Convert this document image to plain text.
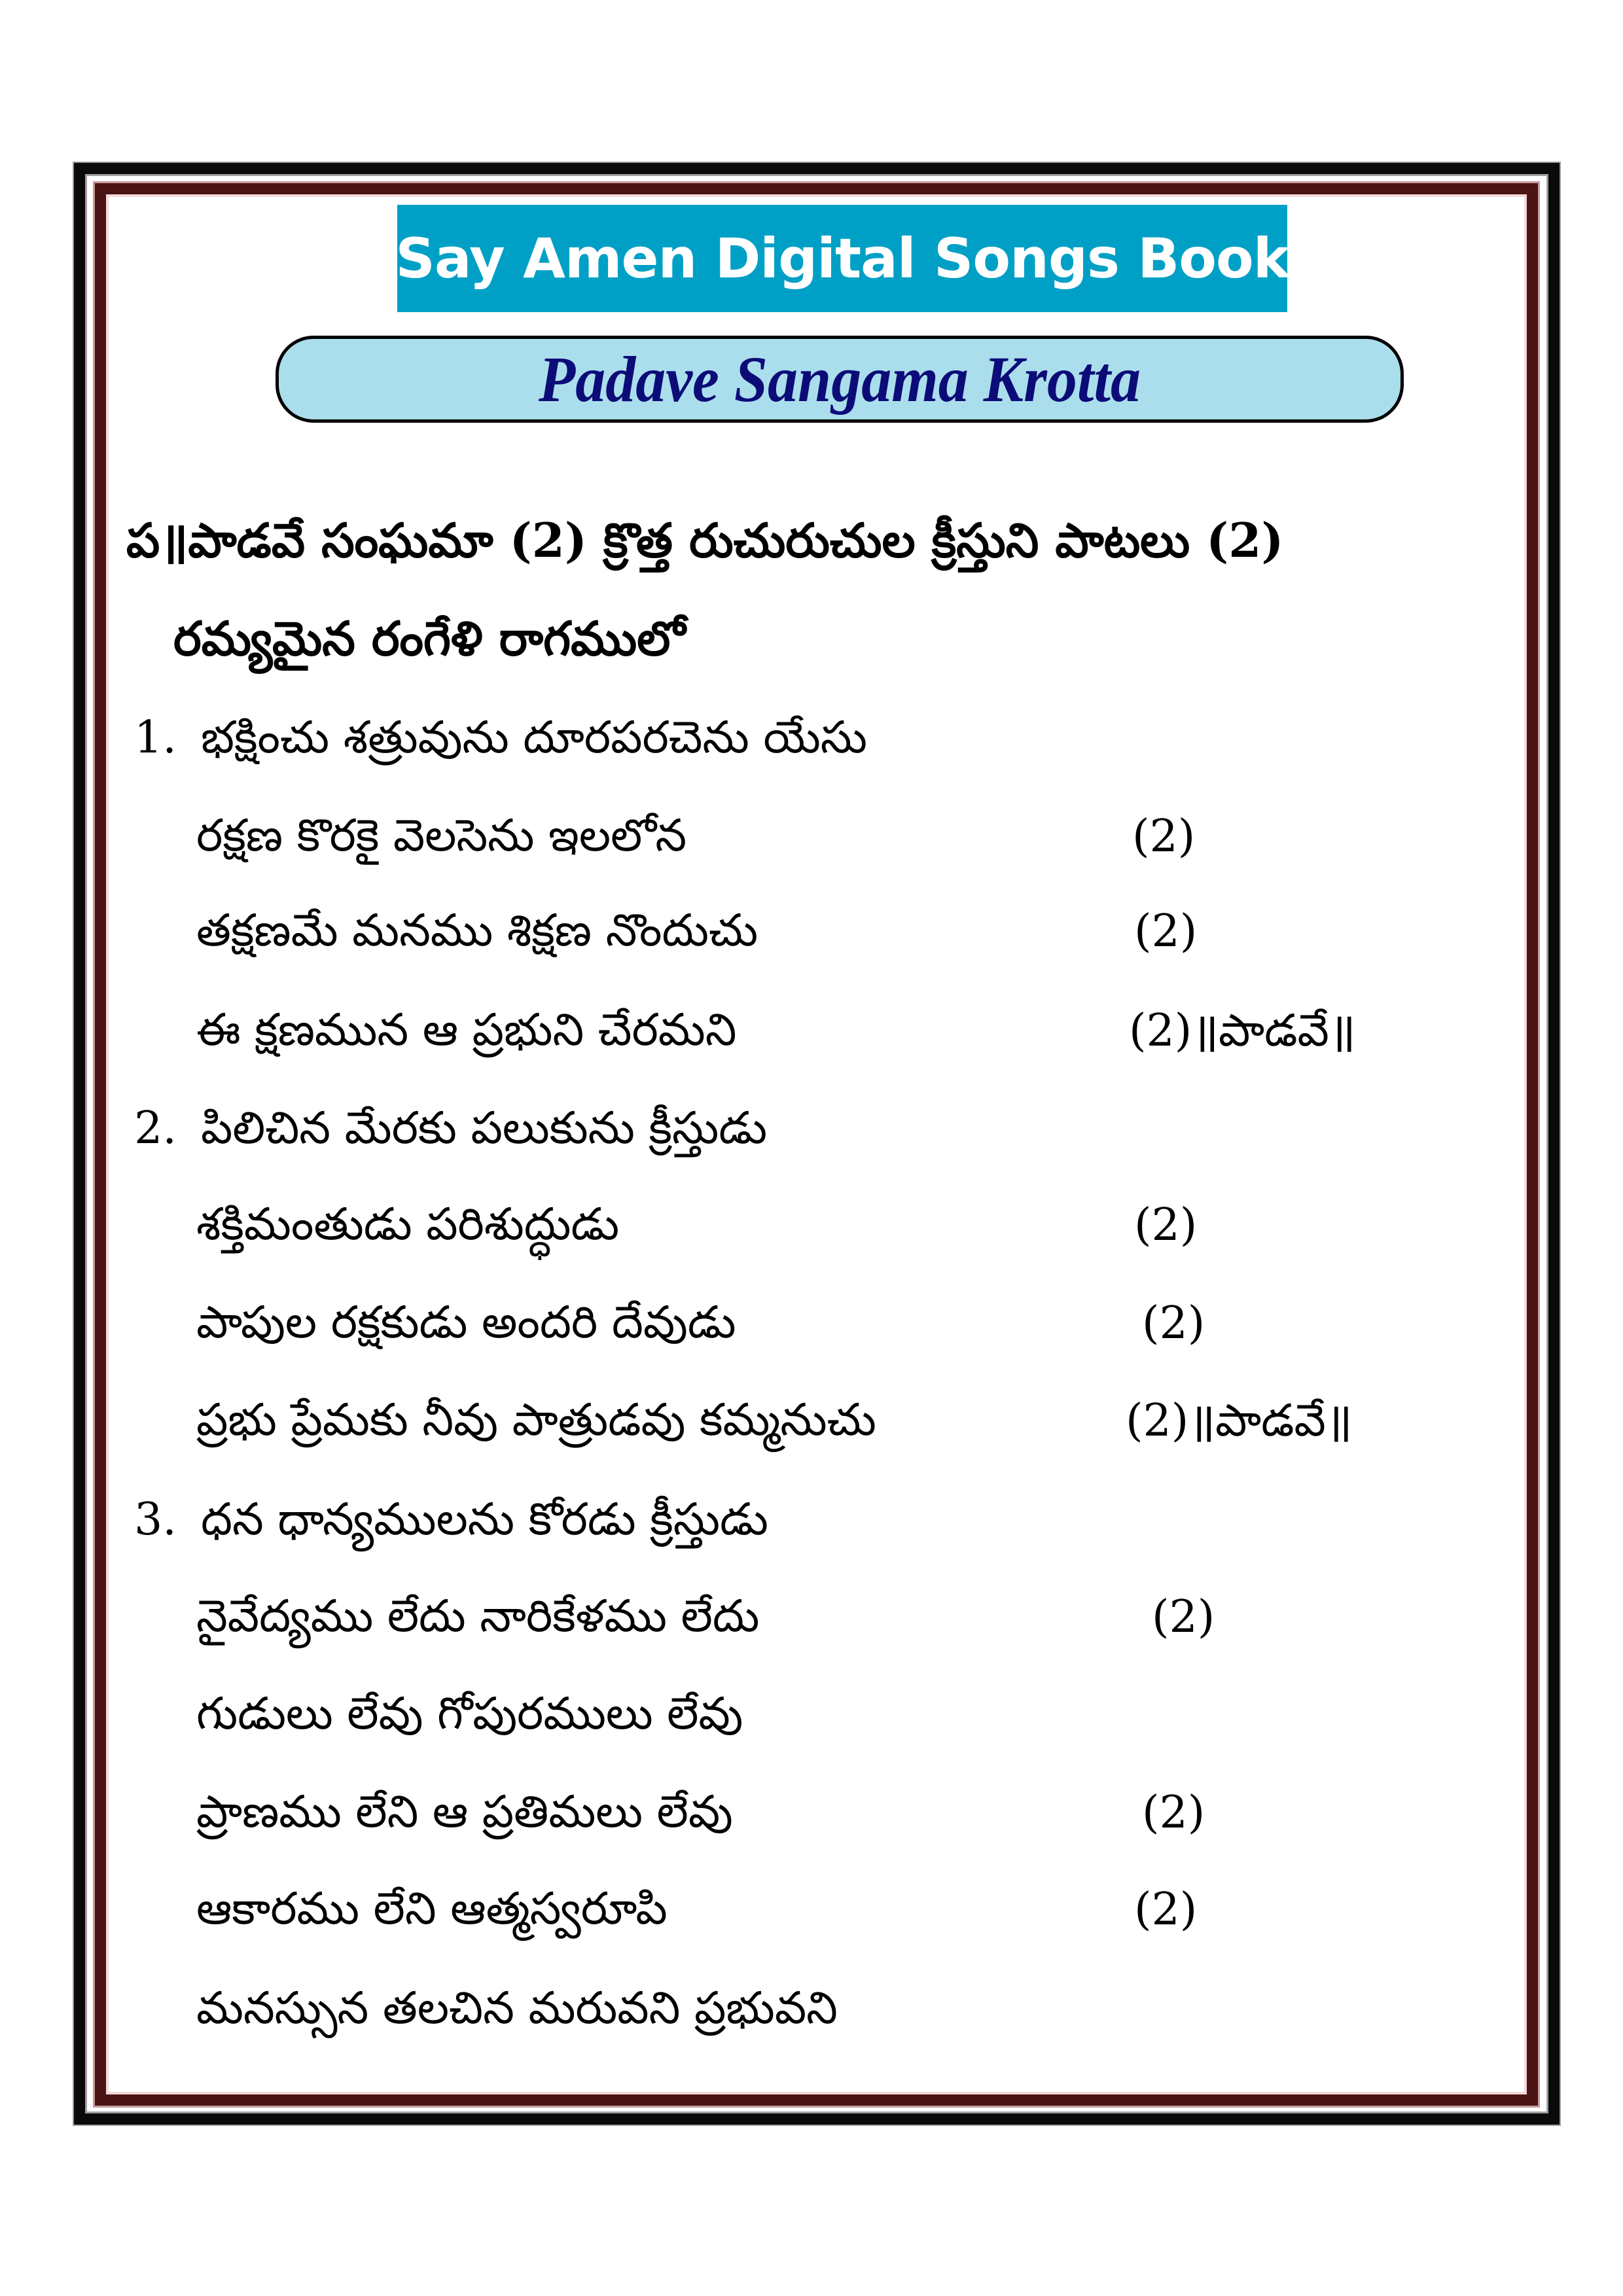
Say Amen Digital Songs Book
Padave Sangama Krotta
ప॥పాడవే సంఘమా (2) క్రొత్త రుచురుచుల క్రీస్తుని పాటలు (2)
రమ్యమైన రంగేళి రాగములో
1. భక్షించు శత్రువును దూరపరచెను యేసు
రక్షణ కొరకై వెలసెను ఇలలోన	(2)
తక్షణమే మనము శిక్షణ నొందుచు	(2)
ఈ క్షణమున ఆ ప్రభుని చేరమని	(2)॥పాడవే॥
2. పిలిచిన మేరకు పలుకును క్రీస్తుడు
శక్తిమంతుడు పరిశుద్ధుడు	(2)
పాపుల రక్షకుడు అందరి దేవుడు	(2)
ప్రభు ప్రేమకు నీవు పాత్రుడవు కమ్మనుచు	(2)॥పాడవే॥
3. ధన ధాన్యములను కోరడు క్రీస్తుడు
నైవేద్యము లేదు నారికేళము లేదు	(2)
గుడులు లేవు గోపురములు లేవు
ప్రాణము లేని ఆ ప్రతిమలు లేవు	(2)
ఆకారము లేని ఆత్మస్వరూపి	(2)
మనస్సున తలచిన మరువని ప్రభువని
